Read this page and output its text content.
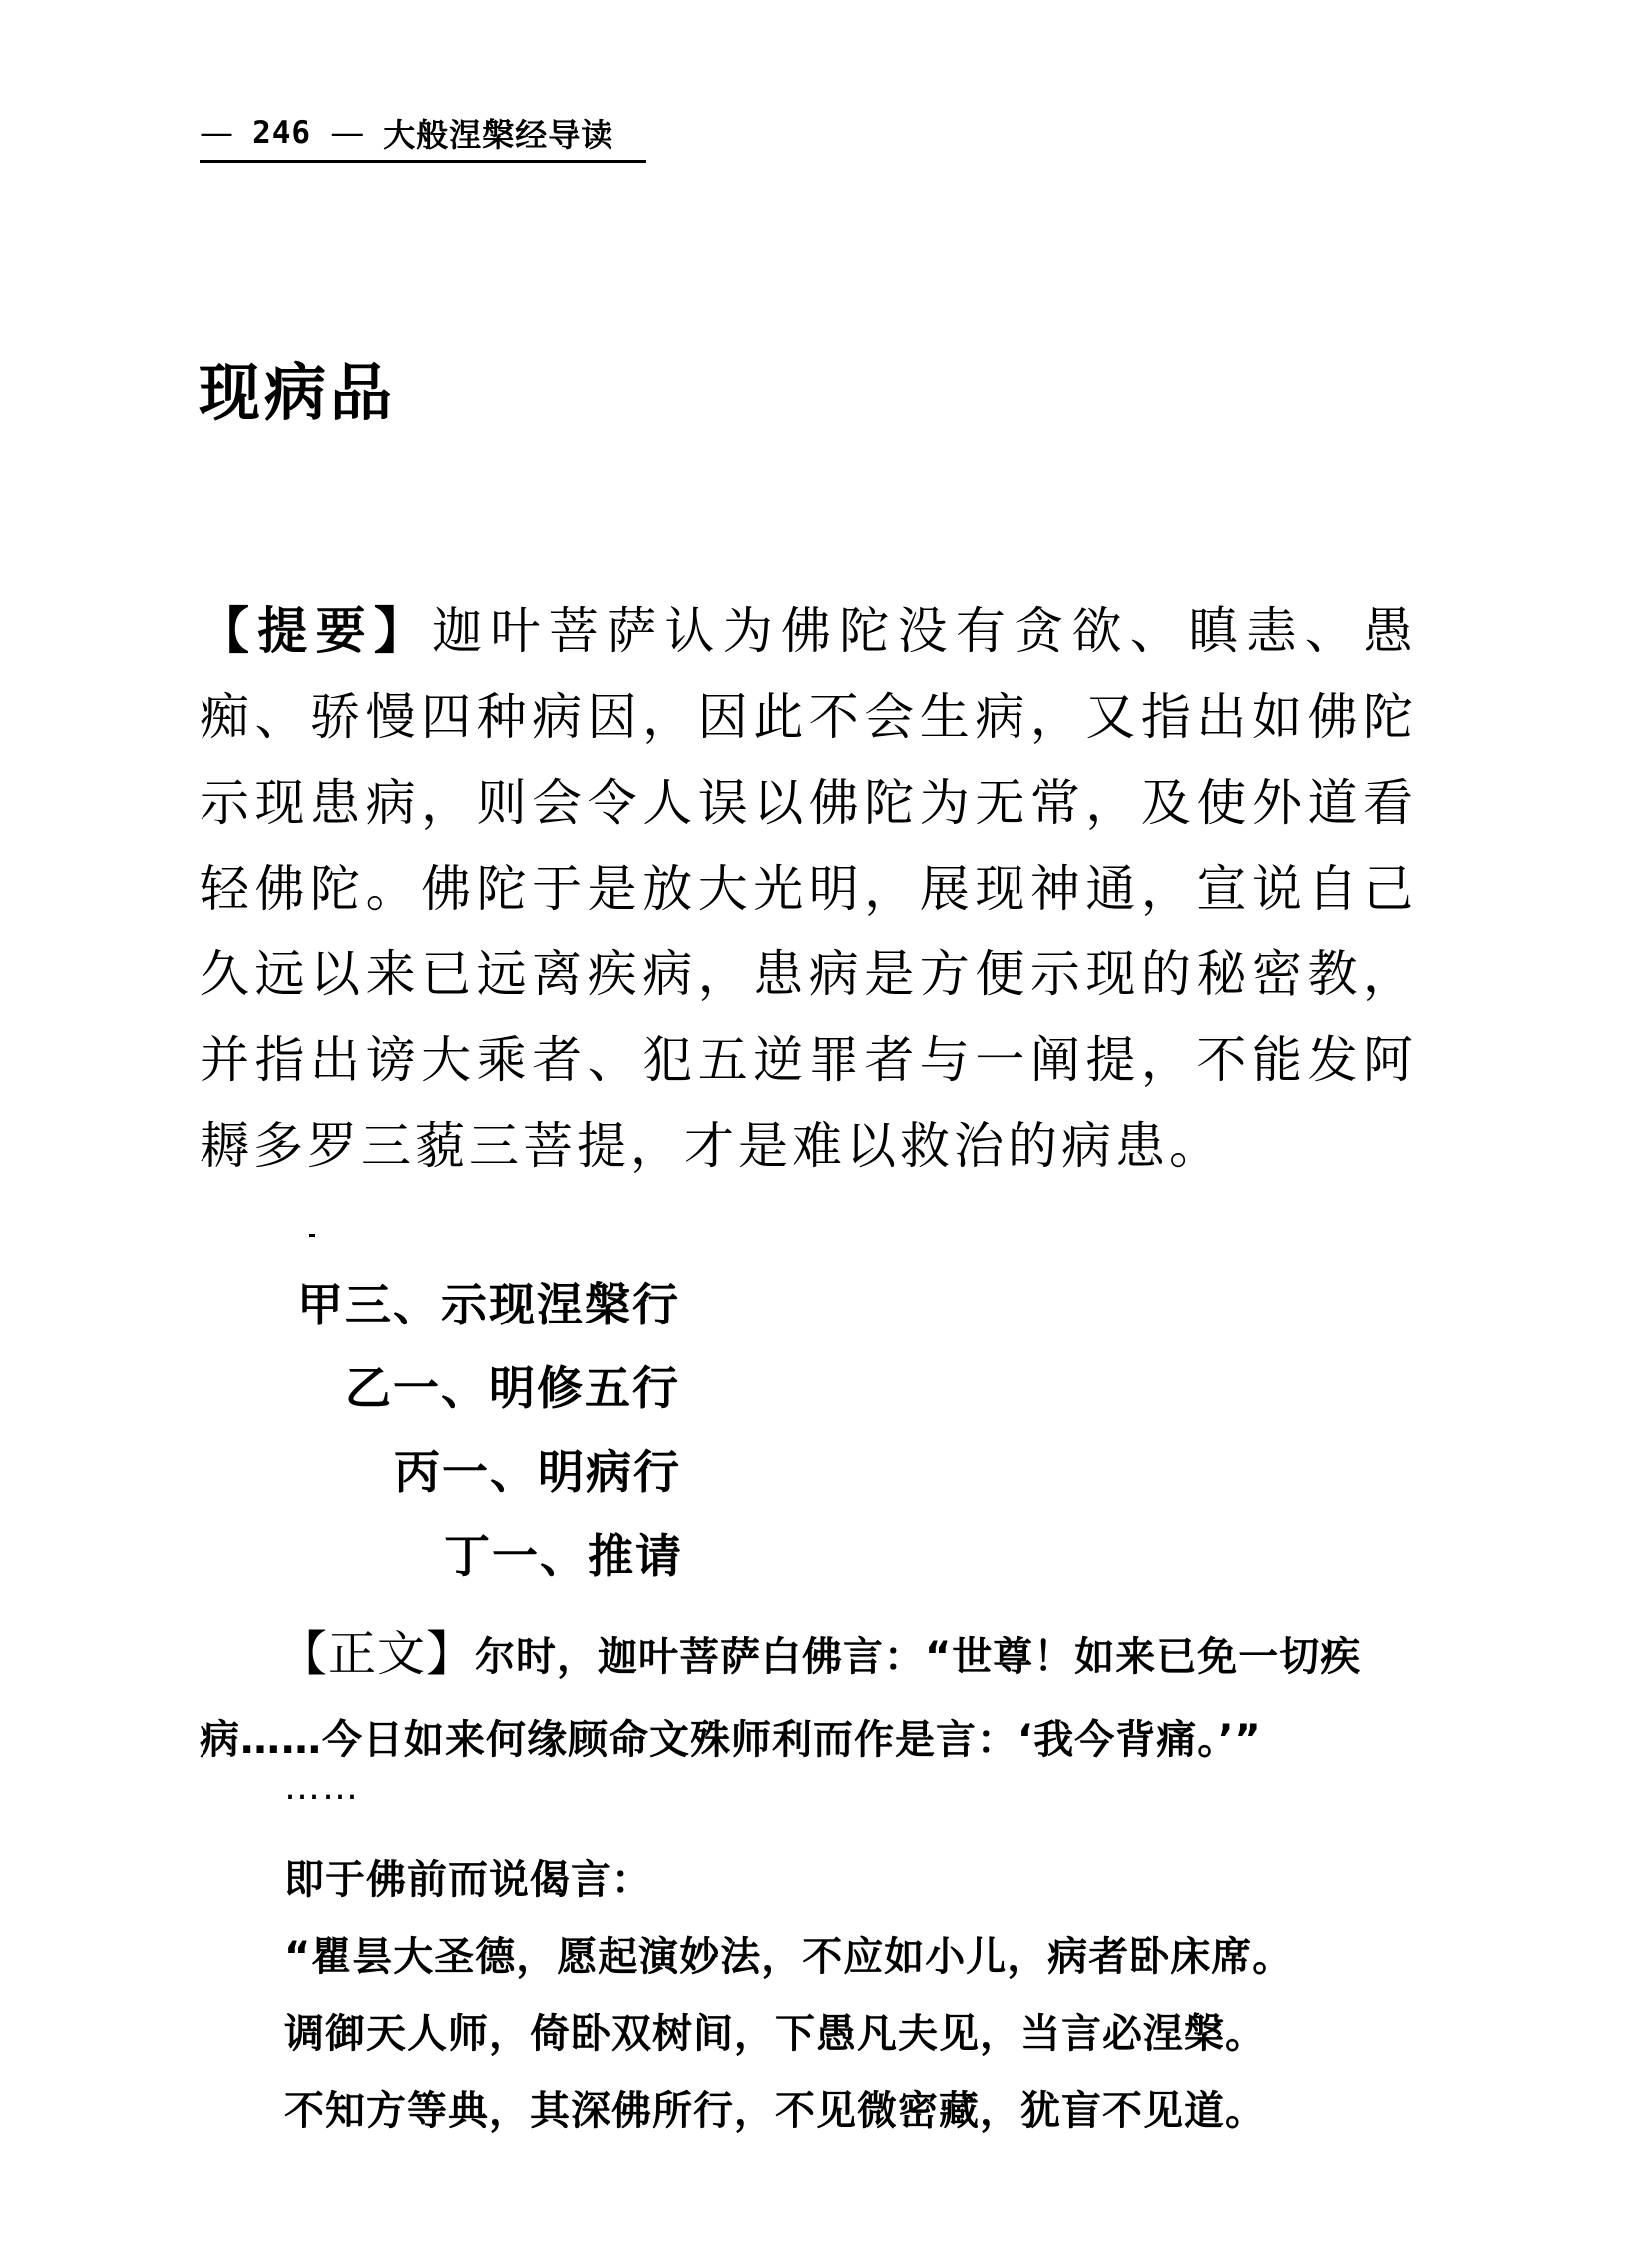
— 246 — 大般涅槃经导读
现病品

【提要】迦叶菩萨认为佛陀没有贪欲、瞋恚、愚痴、骄慢四种病因，因此不会生病，又指出如佛陀示现患病，则会令人误以佛陀为无常，及使外道看轻佛陀。佛陀于是放大光明，展现神通，宣说自己久远以来已远离疾病，患病是方便示现的秘密教，并指出谤大乘者、犯五逆罪者与一阐提，不能发阿耨多罗三藐三菩提，才是难以救治的病患。

甲三、示现涅槃行
乙一、明修五行
丙一、明病行
丁一、推请

【正文】尔时，迦叶菩萨白佛言：“世尊！如来已免一切疾病……今日如来何缘顾命文殊师利而作是言：‘我今背痛。’”

……
即于佛前而说偈言：
“瞿昙大圣德，愿起演妙法，不应如小儿，病者卧床席。
调御天人师，倚卧双树间，下愚凡夫见，当言必涅槃。
不知方等典，其深佛所行，不见微密藏，犹盲不见道。
